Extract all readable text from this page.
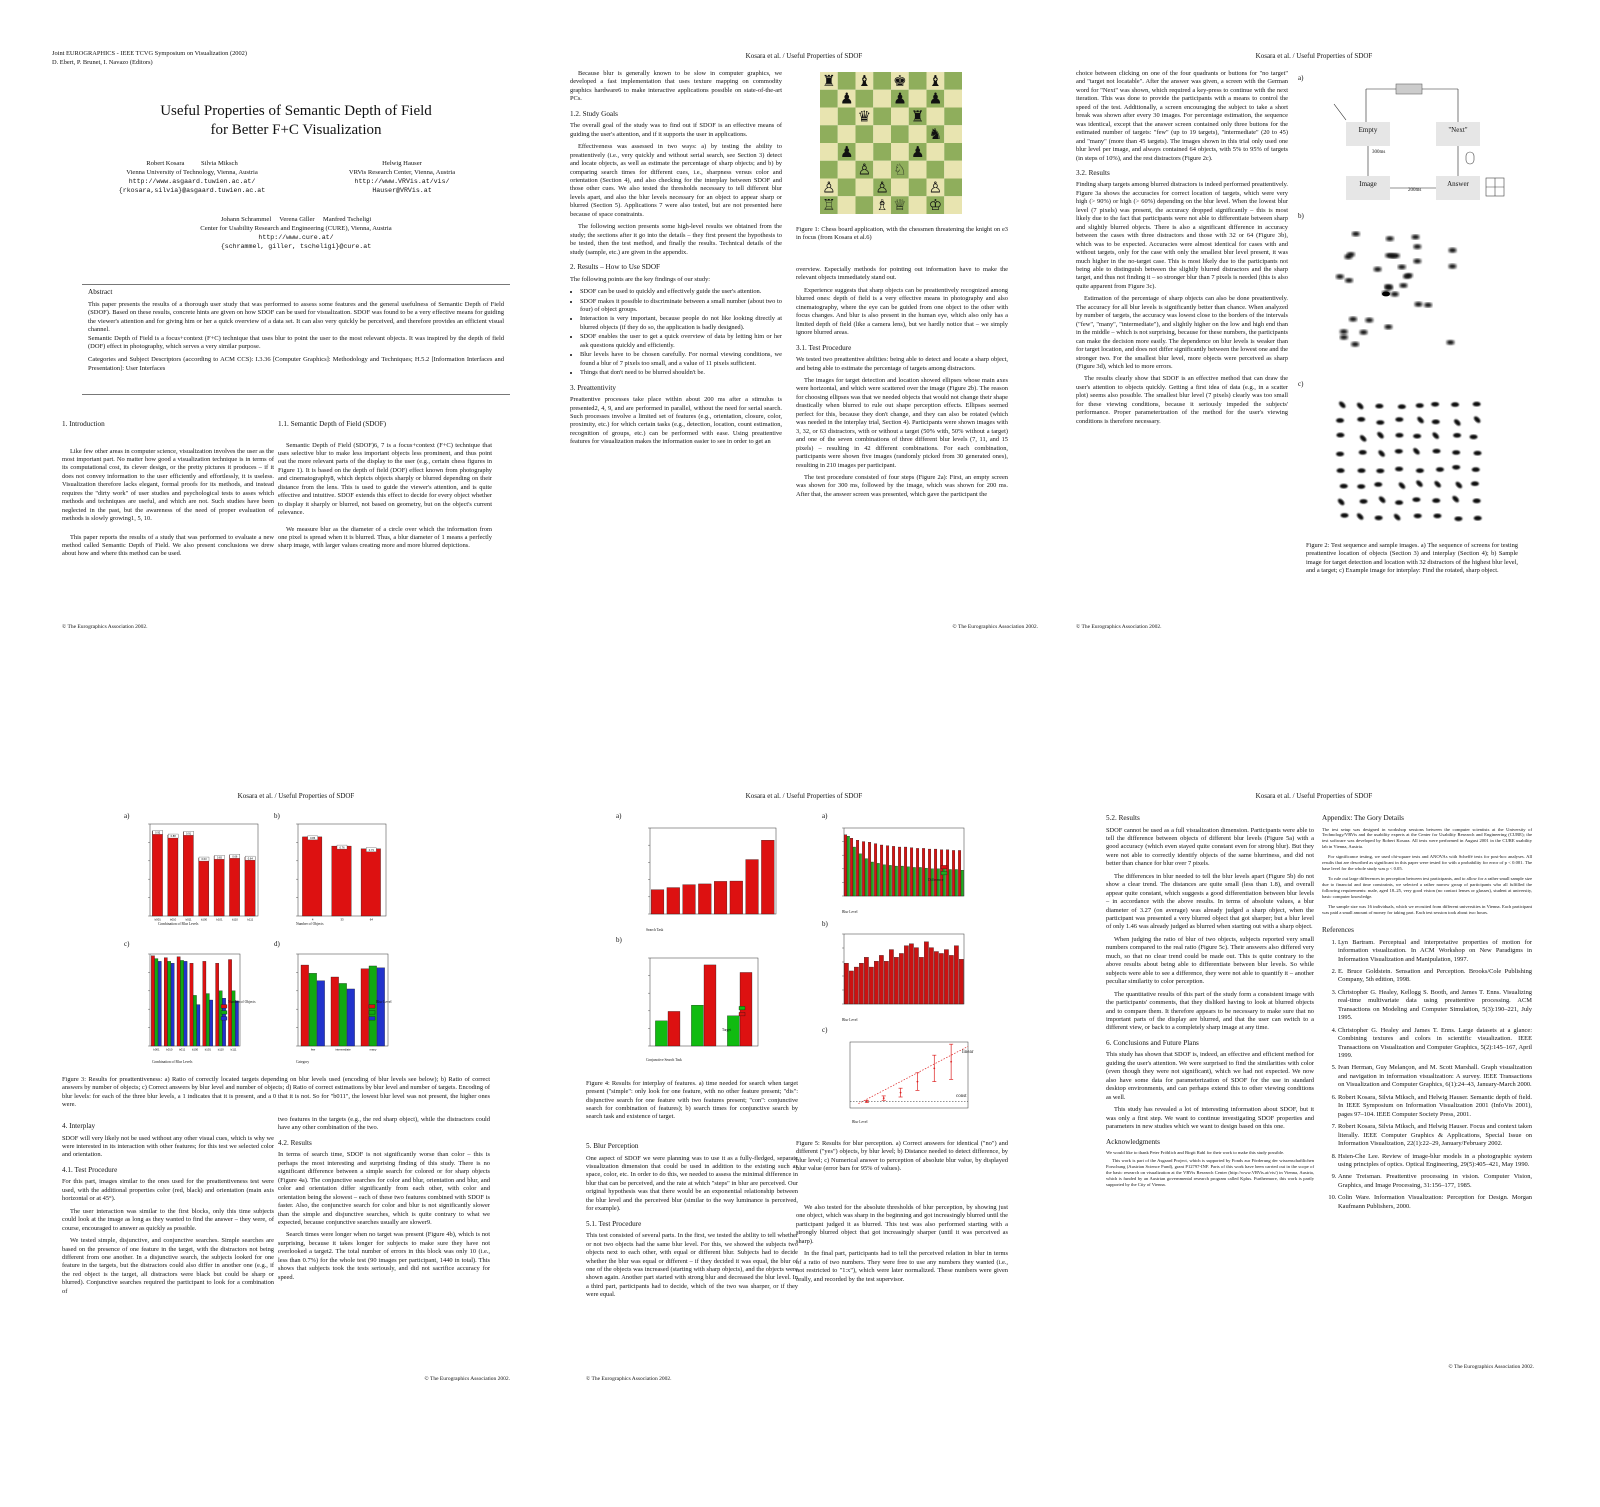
Joint EUROGRAPHICS - IEEE TCVG Symposium on Visualization (2002)
D. Ebert, P. Brunet, I. Navazo (Editors)
Useful Properties of Semantic Depth of Field
for Better F+C Visualization
Robert Kosara          Silvia Miksch
Vienna University of Technology, Vienna, Austria
http://www.asgaard.tuwien.ac.at/
{rkosara,silvia}@asgaard.tuwien.ac.at
Helwig Hauser
VRVis Research Center, Vienna, Austria
http://www.VRVis.at/vis/
Hauser@VRVis.at
Johann Schrammel     Verena Giller     Manfred Tscheligi
Center for Usability Research and Engineering (CURE), Vienna, Austria
http://www.cure.at/
{schrammel, giller, tscheligi}@cure.at
Abstract

This paper presents the results of a thorough user study that was performed to assess some features and the general usefulness of Semantic Depth of Field (SDOF). Based on these results, concrete hints are given on how SDOF can be used for visualization. SDOF was found to be a very effective means for guiding the viewer's attention and for giving him or her a quick overview of a data set. It can also very quickly be perceived, and therefore provides an efficient visual channel.

Semantic Depth of Field is a focus+context (F+C) technique that uses blur to point the user to the most relevant objects. It was inspired by the depth of field (DOF) effect in photography, which serves a very similar purpose.

Categories and Subject Descriptors (according to ACM CCS): I.3.36 [Computer Graphics]: Methodology and Techniques; H.5.2 [Information Interfaces and Presentation]: User Interfaces

1. Introduction

Like few other areas in computer science, visualization involves the user as the most important part. No matter how good a visualization technique is in terms of its computational cost, its clever design, or the pretty pictures it produces – if it does not convey information to the user efficiently and effortlessly, it is useless. Visualization therefore lacks elegant, formal proofs for its methods, and instead requires the "dirty work" of user studies and psychological tests to asses which methods and techniques are useful, and which are not. Such studies have been neglected in the past, but the awareness of the need of proper evaluation of methods is slowly growing1, 5, 10.

This paper reports the results of a study that was performed to evaluate a new method called Semantic Depth of Field. We also present conclusions we drew about how and where this method can be used.

1.1. Semantic Depth of Field (SDOF)

Semantic Depth of Field (SDOF)6, 7 is a focus+context (F+C) technique that uses selective blur to make less important objects less prominent, and thus point out the more relevant parts of the display to the user (e.g., certain chess figures in Figure 1). It is based on the depth of field (DOF) effect known from photography and cinematography8, which depicts objects sharply or blurred depending on their distance from the lens. This is used to guide the viewer's attention, and is quite effective and intuitive. SDOF extends this effect to decide for every object whether to display it sharply or blurred, not based on geometry, but on the object's current relevance.

We measure blur as the diameter of a circle over which the information from one pixel is spread when it is blurred. Thus, a blur diameter of 1 means a perfectly sharp image, with larger values creating more and more blurred depictions.

© The Eurographics Association 2002.
Kosara et al. / Useful Properties of SDOF

Because blur is generally known to be slow in computer graphics, we developed a fast implementation that uses texture mapping on commodity graphics hardware6 to make interactive applications possible on state-of-the-art PCs.

1.2. Study Goals

The overall goal of the study was to find out if SDOF is an effective means of guiding the user's attention, and if it supports the user in applications.

Effectiveness was assessed in two ways: a) by testing the ability to preattentively (i.e., very quickly and without serial search, see Section 3) detect and locate objects, as well as estimate the percentage of sharp objects; and b) by comparing search times for different cues, i.e., sharpness versus color and orientation (Section 4), and also checking for the interplay between SDOF and those other cues. We also tested the thresholds necessary to tell different blur levels apart, and also the blur levels necessary for an object to appear sharp or blurred (Section 5). Applications 7 were also tested, but are not presented here because of space constraints.

The following section presents some high-level results we obtained from the study; the sections after it go into the details – they first present the hypothesis to be tested, then the test method, and finally the results. Technical details of the study (sample, etc.) are given in the appendix.

2. Results – How to Use SDOF

The following points are the key findings of our study:

• SDOF can be used to quickly and effectively guide the user's attention.
• SDOF makes it possible to discriminate between a small number (about two to four) of object groups.
• Interaction is very important, because people do not like looking directly at blurred objects (if they do so, the application is badly designed).
• SDOF enables the user to get a quick overview of data by letting him or her ask questions quickly and efficiently.
• Blur levels have to be chosen carefully. For normal viewing conditions, we found a blur of 7 pixels too small, and a value of 11 pixels sufficient.
• Things that don't need to be blurred shouldn't be.
3. Preattentivity

Preattentive processes take place within about 200 ms after a stimulus is presented2, 4, 9, and are performed in parallel, without the need for serial search. Such processes involve a limited set of features (e.g., orientation, closure, color, proximity, etc.) for which certain tasks (e.g., detection, location, count estimation, recognition of groups, etc.) can be performed with ease. Using preattentive features for visualization makes the information easier to see in order to get an

♜ ♝ ♚ ♝
♟	♟ ♟
♛	♜
♞
♟	♟
♙ ♘
♙	♙	♙
♖	♗ ♕ ♔

Figure 1: Chess board application, with the chessmen threatening the knight on e3 in focus (from Kosara et al.6)

overview. Especially methods for pointing out information have to make the relevant objects immediately stand out.

Experience suggests that sharp objects can be preattentively recognized among blurred ones: depth of field is a very effective means in photography and also cinematography, where the eye can be guided from one object to the other with focus changes. And blur is also present in the human eye, which also only has a limited depth of field (like a camera lens), but we hardly notice that – we simply ignore blurred areas.

3.1. Test Procedure

We tested two preattentive abilities: being able to detect and locate a sharp object, and being able to estimate the percentage of targets among distractors.

The images for target detection and location showed ellipses whose main axes were horizontal, and which were scattered over the image (Figure 2b). The reason for choosing ellipses was that we needed objects that would not change their shape drastically when blurred to rule out shape perception effects. Ellipses seemed perfect for this, because they don't change, and they can also be rotated (which was needed in the interplay trial, Section 4). Participants were shown images with 3, 32, or 63 distractors, with or without a target (50% with, 50% without a target) and one of the seven combinations of three different blur levels (7, 11, and 15 pixels) – resulting in 42 different combinations. For each combination, participants were shown five images (randomly picked from 30 generated ones), resulting in 210 images per participant.

The test procedure consisted of four steps (Figure 2a): First, an empty screen was shown for 300 ms, followed by the image, which was shown for 200 ms. After that, the answer screen was presented, which gave the participant the

© The Eurographics Association 2002.
Kosara et al. / Useful Properties of SDOF

choice between clicking on one of the four quadrants or buttons for "no target" and "target not locatable". After the answer was given, a screen with the German word for "Next" was shown, which required a key-press to continue with the next iteration. This was done to provide the participants with a means to control the speed of the test. Additionally, a screen encouraging the subject to take a short break was shown after every 30 images. For percentage estimation, the sequence was identical, except that the answer screen contained only three buttons for the estimated number of targets: "few" (up to 19 targets), "intermediate" (20 to 45) and "many" (more than 45 targets). The images shown in this trial only used one blur level per image, and always contained 64 objects, with 5% to 95% of targets (in steps of 10%), and the rest distractors (Figure 2c).

3.2. Results

Finding sharp targets among blurred distractors is indeed performed preattentively. Figure 3a shows the accuracies for correct location of targets, which were very high (> 90%) or high (> 60%) depending on the blur level. When the lowest blur level (7 pixels) was present, the accuracy dropped significantly – this is most likely due to the fact that participants were not able to differentiate between sharp and slightly blurred objects. There is also a significant difference in accuracy between the cases with three distractors and those with 32 or 64 (Figure 3b), which was to be expected. Accuracies were almost identical for cases with and without targets, only for the case with only the smallest blur level present, it was much higher in the no-target case. This is most likely due to the participants not being able to distinguish between the slightly blurred distractors and the sharp target, and thus not finding it – so stronger blur than 7 pixels is needed (this is also quite apparent from Figure 3c).

Estimation of the percentage of sharp objects can also be done preattentively. The accuracy for all blur levels is significantly better than chance. When analyzed by number of targets, the accuracy was lowest close to the borders of the intervals ("few", "many", "intermediate"), and slightly higher on the low and high end than in the middle – which is not surprising, because for these numbers, the participants can make the decision more easily. The dependence on blur levels is weaker than for target location, and does not differ significantly between the lowest one and the stronger two. For the smallest blur level, more objects were perceived as sharp (Figure 3d), which led to more errors.

The results clearly show that SDOF is an effective method that can draw the user's attention to objects quickly. Getting a first idea of data (e.g., in a scatter plot) seems also possible. The smallest blur level (7 pixels) clearly was too small for these viewing conditions, because it seriously impeded the subjects' performance. Proper parameterization of the method for the user's viewing conditions is therefore necessary.

a)
Empty	"Next"
Image	Answer
300ms
200ms
b)
c)

Figure 2: Test sequence and sample images. a) The sequence of screens for testing preattentive location of objects (Section 3) and interplay (Section 4); b) Sample image for target detection and location with 32 distractors of the highest blur level, and a target; c) Example image for interplay: Find the rotated, sharp object.

© The Eurographics Association 2002.
Kosara et al. / Useful Properties of SDOF
a)
0.92
b001
0.88
b010
0.91
b011
0.63
b100
0.65
b101
0.66
b110
0.64
b111
Combination of Blur Levels
b)
0.86
4
0.76
33
0.73
64
Number of Objects
c)
b001 b010 b011 b100 b101 b110 b111
Combination of Blur Levels
Number of Objects
d)
few	intermediate	many
Category
Blur Level

Figure 3: Results for preattentiveness: a) Ratio of correctly located targets depending on blur levels used (encoding of blur levels see below); b) Ratio of correct answers by number of objects; c) Correct answers by blur level and number of objects; d) Ratio of correct estimations by blur level and number of targets. Encoding of blur levels: for each of the three blur levels, a 1 indicates that it is present, and a 0 that it is not. So for "b011", the lowest blur level was not present, the higher ones were.

4. Interplay

SDOF will very likely not be used without any other visual cues, which is why we were interested in its interaction with other features; for this test we selected color and orientation.

4.1. Test Procedure

For this part, images similar to the ones used for the preattentiveness test were used, with the additional properties color (red, black) and orientation (main axis horizontal or at 45°).

The user interaction was similar to the first blocks, only this time subjects could look at the image as long as they wanted to find the answer – they were, of course, encouraged to answer as quickly as possible.

We tested simple, disjunctive, and conjunctive searches. Simple searches are based on the presence of one feature in the target, with the distractors not being different from one another. In a disjunctive search, the subjects looked for one feature in the targets, but the distractors could also differ in another one (e.g., if the red object is the target, all distractors were black but could be sharp or blurred). Conjunctive searches required the participant to look for a combination of

two features in the targets (e.g., the red sharp object), while the distractors could have any other combination of the two.

4.2. Results

In terms of search time, SDOF is not significantly worse than color – this is perhaps the most interesting and surprising finding of this study. There is no significant difference between a simple search for colored or for sharp objects (Figure 4a). The conjunctive searches for color and blur, orientation and blur, and color and orientation differ significantly from each other, with color and orientation being the slowest – each of these two features combined with SDOF is faster. Also, the conjunctive search for color and blur is not significantly slower than the simple and disjunctive searches, which is quite contrary to what we expected, because conjunctive searches usually are slower9.

Search times were longer when no target was present (Figure 4b), which is not surprising, because it takes longer for subjects to make sure they have not overlooked a target2. The total number of errors in this block was only 10 (i.e., less than 0.7%) for the whole test (90 images per participant, 1440 in total). This shows that subjects took the tests seriously, and did not sacrifice accuracy for speed.

© The Eurographics Association 2002.
Kosara et al. / Useful Properties of SDOF
a)
Search Task
b)
Conjunctive Search Task
Target

Figure 4: Results for interplay of features. a) time needed for search when target present ("simple": only look for one feature, with no other feature present; "dis": disjunctive search for one feature with two features present; "con": conjunctive search for combination of features); b) search times for conjunctive search by search task and existence of target.

5. Blur Perception

One aspect of SDOF we were planning was to use it as a fully-fledged, separate visualization dimension that could be used in addition to the existing such as space, color, etc. In order to do this, we needed to assess the minimal difference in blur that can be perceived, and the rate at which "steps" in blur are perceived. Our original hypothesis was that there would be an exponential relationship between the blur level and the perceived blur (similar to the way luminance is perceived, for example).

5.1. Test Procedure

This test consisted of several parts. In the first, we tested the ability to tell whether or not two objects had the same blur level. For this, we showed the subjects two objects next to each other, with equal or different blur. Subjects had to decide whether the blur was equal or different – if they decided it was equal, the blur of one of the objects was increased (starting with sharp objects), and the objects were shown again. Another part started with strong blur and decreased the blur level. In a third part, participants had to decide, which of the two was sharper, or if they were equal.

a)
Blur Level
Difference
b)
Blur Level
c)
linear
const
Blur Level

Figure 5: Results for blur perception. a) Correct answers for identical ("no") and different ("yes") objects, by blur level; b) Distance needed to detect difference, by blur level; c) Numerical answer to perception of absolute blur value, by displayed blur value (error bars for 95% of values).

We also tested for the absolute thresholds of blur perception, by showing just one object, which was sharp in the beginning and got increasingly blurred until the participant judged it as blurred. This test was also performed starting with a strongly blurred object that got increasingly sharper (until it was perceived as sharp).

In the final part, participants had to tell the perceived relation in blur in terms of a ratio of two numbers. They were free to use any numbers they wanted (i.e., not restricted to "1:x"), which were later normalized. These numbers were given orally, and recorded by the test supervisor.

© The Eurographics Association 2002.
Kosara et al. / Useful Properties of SDOF
5.2. Results

SDOF cannot be used as a full visualization dimension. Participants were able to tell the difference between objects of different blur levels (Figure 5a) with a good accuracy (which even stayed quite constant even for strong blur). But they were not able to correctly identify objects of the same blurriness, and did not better than chance for blur over 7 pixels.

The differences in blur needed to tell the blur levels apart (Figure 5b) do not show a clear trend. The distances are quite small (less than 1.8), and overall appear quite constant, which suggests a good differentiation between blur levels – in accordance with the above results. In terms of absolute values, a blur diameter of 3.27 (on average) was already judged a sharp object, when the participant was presented a very blurred object that got sharper; but a blur level of only 1.46 was already judged as blurred when starting out with a sharp object.

When judging the ratio of blur of two objects, subjects reported very small numbers compared to the real ratio (Figure 5c). Their answers also differed very much, so that no clear trend could be made out. This is quite contrary to the above results about being able to differentiate between blur levels. So while subjects were able to see a difference, they were not able to quantify it – another peculiar similarity to color perception.

The quantitative results of this part of the study form a consistent image with the participants' comments, that they disliked having to look at blurred objects and to compare them. It therefore appears to be necessary to make sure that no important parts of the display are blurred, and that the user can switch to a different view, or back to a completely sharp image at any time.

6. Conclusions and Future Plans

This study has shown that SDOF is, indeed, an effective and efficient method for guiding the user's attention. We were surprised to find the similarities with color (even though they were not significant), which we had not expected. We now also have some data for parameterization of SDOF for the use in standard desktop environments, and can perhaps extend this to other viewing conditions as well.

This study has revealed a lot of interesting information about SDOF, but it was only a first step. We want to continue investigating SDOF properties and parameters in new studies which we want to design based on this one.

Acknowledgments
We would like to thank Peter Fröhlich and Birgit Rabl for their work to make this study possible.
This work is part of the Asgaard Project, which is supported by Fonds zur Förderung der wissenschaftlichen Forschung (Austrian Science Fund), grant P12797-INF. Parts of this work have been carried out in the scope of the basic research on visualization at the VRVis Research Center (http://www.VRVis.at/vis/) in Vienna, Austria, which is funded by an Austrian governmental research program called Kplus. Furthermore, this work is partly supported by the City of Vienna.
Appendix: The Gory Details
The test setup was designed in workshop sessions between the computer scientists at the University of Technology/VRVis and the usability experts at the Center for Usability Research and Engineering (CURE); the test software was developed by Robert Kosara. All tests were performed in August 2001 in the CURE usability lab in Vienna, Austria.
For significance testing, we used chi-square tests and ANOVAs with Scheffé tests for post-hoc analyses. All results that are described as significant in this paper were tested for with a probability for error of p < 0.001. The base level for the whole study was p < 0.05.
To rule out large differences in perception between test participants, and to allow for a rather small sample size due to financial and time constraints, we selected a rather narrow group of participants who all fulfilled the following requirements: male, aged 18–25, very good vision (no contact lenses or glasses), student at university, basic computer knowledge.
The sample size was 16 individuals, which we recruited from different universities in Vienna. Each participant was paid a small amount of money for taking part. Each test session took about two hours.
References
1. Lyn Bartram. Perceptual and interpretative properties of motion for information visualization. In ACM Workshop on New Paradigms in Information Visualization and Manipulation, 1997.
2. E. Bruce Goldstein. Sensation and Perception. Brooks/Cole Publishing Company, 5th edition, 1998.
3. Christopher G. Healey, Kellogg S. Booth, and James T. Enns. Visualizing real-time multivariate data using preattentive processing. ACM Transactions on Modeling and Computer Simulation, 5(3):190–221, July 1995.
4. Christopher G. Healey and James T. Enns. Large datasets at a glance: Combining textures and colors in scientific visualization. IEEE Transactions on Visualization and Computer Graphics, 5(2):145–167, April 1999.
5. Ivan Herman, Guy Melançon, and M. Scott Marshall. Graph visualization and navigation in information visualization: A survey. IEEE Transactions on Visualization and Computer Graphics, 6(1):24–43, January-March 2000.
6. Robert Kosara, Silvia Miksch, and Helwig Hauser. Semantic depth of field. In IEEE Symposium on Information Visualization 2001 (InfoVis 2001), pages 97–104. IEEE Computer Society Press, 2001.
7. Robert Kosara, Silvia Miksch, and Helwig Hauser. Focus and context taken literally. IEEE Computer Graphics & Applications, Special Issue on Information Visualization, 22(1):22–29, January/February 2002.
8. Hsien-Che Lee. Review of image-blur models in a photographic system using principles of optics. Optical Engineering, 29(5):405–421, May 1990.
9. Anne Treisman. Preattentive processing in vision. Computer Vision, Graphics, and Image Processing, 31:156–177, 1985.
10. Colin Ware. Information Visualization: Perception for Design. Morgan Kaufmann Publishers, 2000.
© The Eurographics Association 2002.
